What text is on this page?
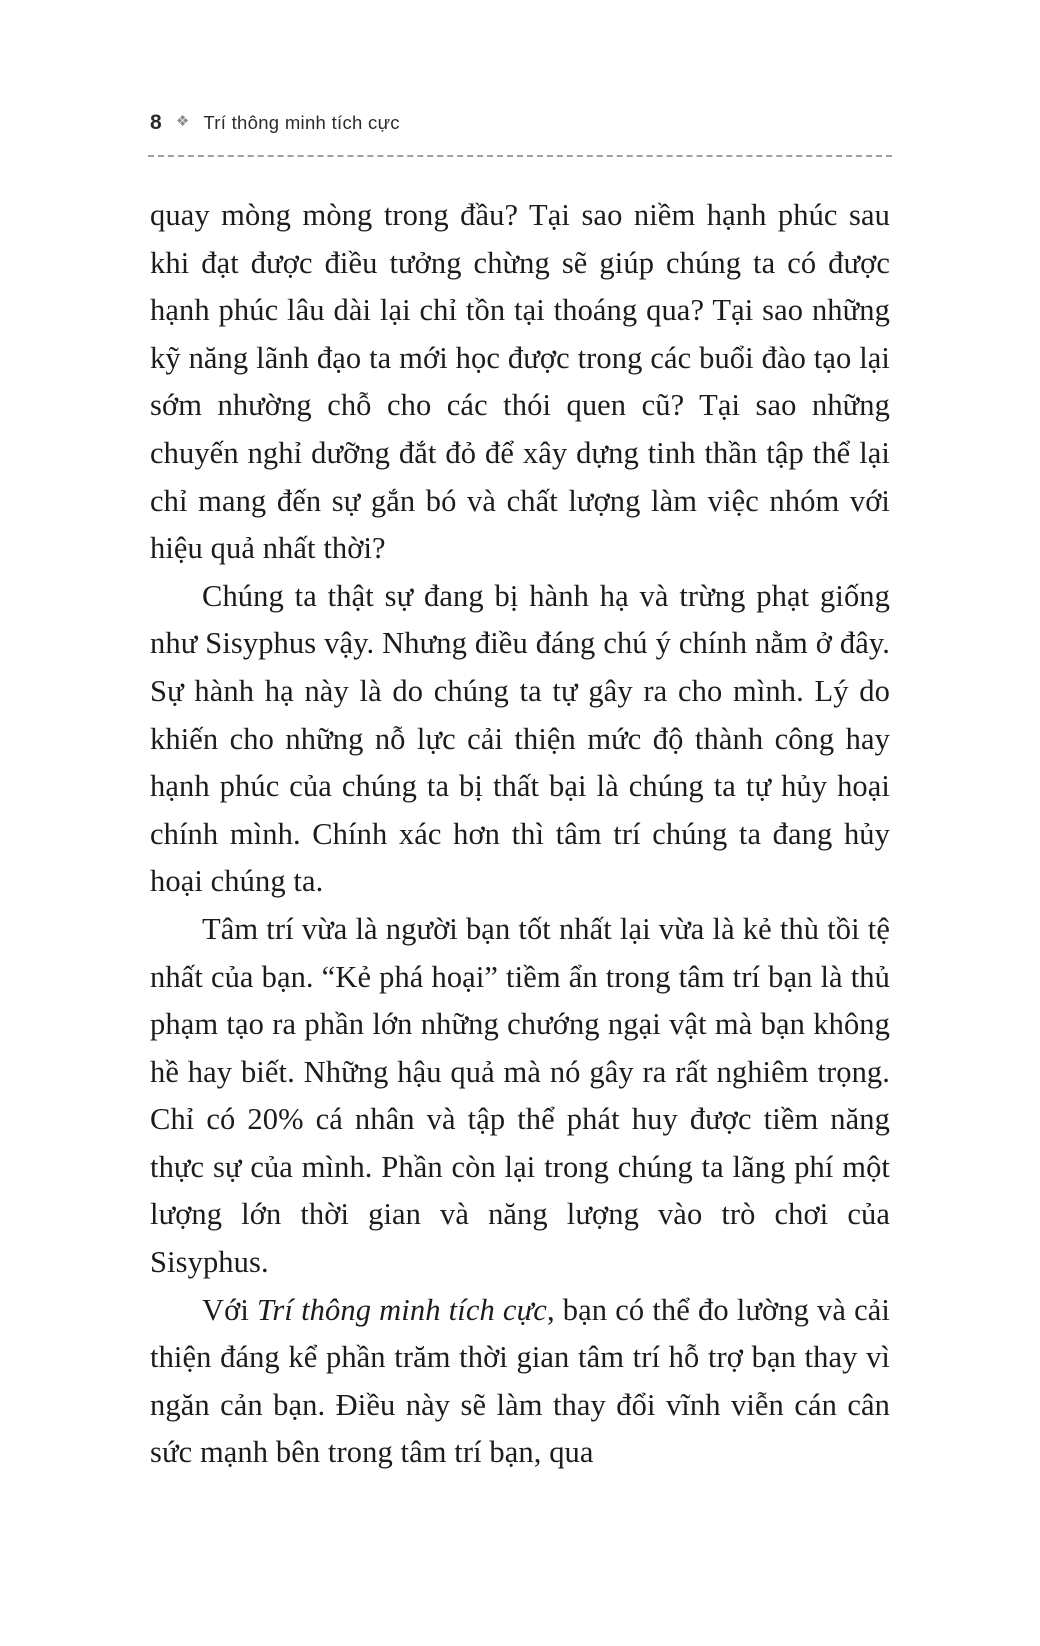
8 ❖ Trí thông minh tích cực

quay mòng mòng trong đầu? Tại sao niềm hạnh phúc sau khi đạt được điều tưởng chừng sẽ giúp chúng ta có được hạnh phúc lâu dài lại chỉ tồn tại thoáng qua? Tại sao những kỹ năng lãnh đạo ta mới học được trong các buổi đào tạo lại sớm nhường chỗ cho các thói quen cũ? Tại sao những chuyến nghỉ dưỡng đắt đỏ để xây dựng tinh thần tập thể lại chỉ mang đến sự gắn bó và chất lượng làm việc nhóm với hiệu quả nhất thời?

Chúng ta thật sự đang bị hành hạ và trừng phạt giống như Sisyphus vậy. Nhưng điều đáng chú ý chính nằm ở đây. Sự hành hạ này là do chúng ta tự gây ra cho mình. Lý do khiến cho những nỗ lực cải thiện mức độ thành công hay hạnh phúc của chúng ta bị thất bại là chúng ta tự hủy hoại chính mình. Chính xác hơn thì tâm trí chúng ta đang hủy hoại chúng ta.

Tâm trí vừa là người bạn tốt nhất lại vừa là kẻ thù tồi tệ nhất của bạn. “Kẻ phá hoại” tiềm ẩn trong tâm trí bạn là thủ phạm tạo ra phần lớn những chướng ngại vật mà bạn không hề hay biết. Những hậu quả mà nó gây ra rất nghiêm trọng. Chỉ có 20% cá nhân và tập thể phát huy được tiềm năng thực sự của mình. Phần còn lại trong chúng ta lãng phí một lượng lớn thời gian và năng lượng vào trò chơi của Sisyphus.

Với Trí thông minh tích cực, bạn có thể đo lường và cải thiện đáng kể phần trăm thời gian tâm trí hỗ trợ bạn thay vì ngăn cản bạn. Điều này sẽ làm thay đổi vĩnh viễn cán cân sức mạnh bên trong tâm trí bạn, qua
